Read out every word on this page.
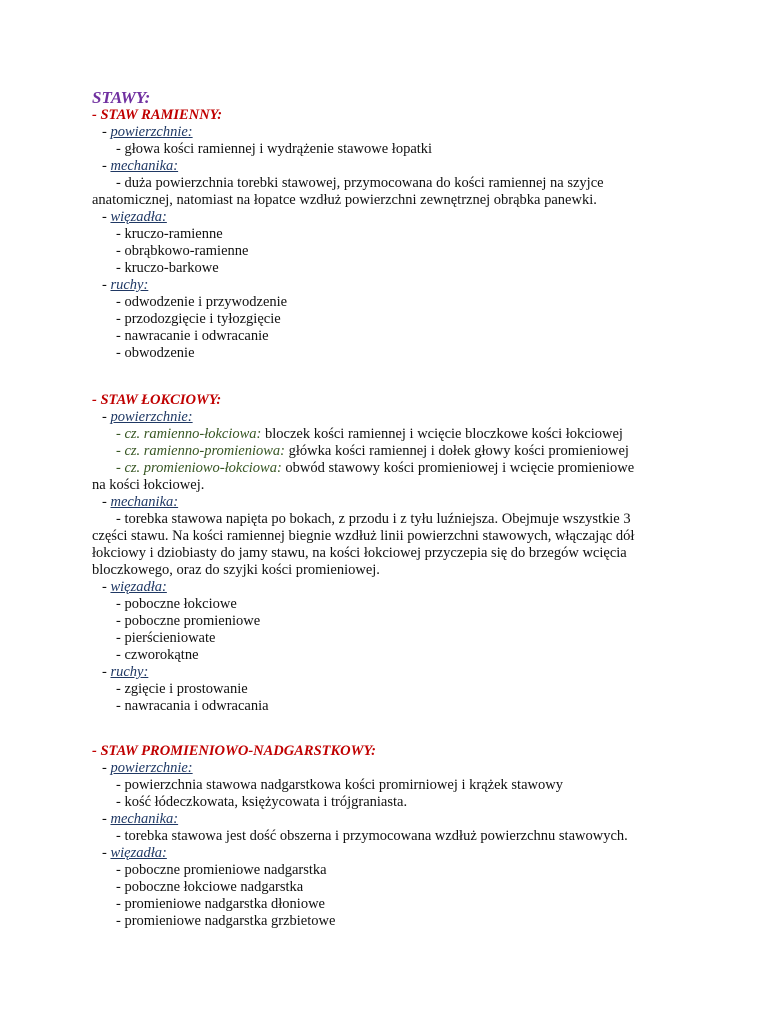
STAWY:
- STAW RAMIENNY:
- powierzchnie:
- głowa kości ramiennej i wydrążenie stawowe łopatki
- mechanika:
- duża powierzchnia torebki stawowej, przymocowana do kości ramiennej na szyjce
anatomicznej, natomiast na łopatce wzdłuż powierzchni zewnętrznej obrąbka panewki.
- więzadła:
- kruczo-ramienne
- obrąbkowo-ramienne
- kruczo-barkowe
- ruchy:
- odwodzenie i przywodzenie
- przodozgięcie i tyłozgięcie
- nawracanie i odwracanie
- obwodzenie
- STAW ŁOKCIOWY:
- powierzchnie:
- cz. ramienno-łokciowa: bloczek kości ramiennej i wcięcie bloczkowe kości łokciowej
- cz. ramienno-promieniowa: główka kości ramiennej i dołek głowy kości promieniowej
- cz. promieniowo-łokciowa: obwód stawowy kości promieniowej i wcięcie promieniowe
na kości łokciowej.
- mechanika:
- torebka stawowa napięta po bokach, z przodu i z tyłu luźniejsza. Obejmuje wszystkie 3
części stawu. Na kości ramiennej biegnie wzdłuż linii powierzchni stawowych, włączając dół
łokciowy i dziobiasty do jamy stawu, na kości łokciowej przyczepia się do brzegów wcięcia
bloczkowego, oraz do szyjki kości promieniowej.
- więzadła:
- poboczne łokciowe
- poboczne promieniowe
- pierścieniowate
- czworokątne
- ruchy:
- zgięcie i prostowanie
- nawracania i odwracania
- STAW PROMIENIOWO-NADGARSTKOWY:
- powierzchnie:
- powierzchnia stawowa nadgarstkowa kości promirniowej i krążek stawowy
- kość łódeczkowata, księżycowata i trójgraniasta.
- mechanika:
- torebka stawowa jest dość obszerna i przymocowana wzdłuż powierzchnu stawowych.
- więzadła:
- poboczne promieniowe nadgarstka
- poboczne łokciowe nadgarstka
- promieniowe nadgarstka dłoniowe
- promieniowe nadgarstka grzbietowe
